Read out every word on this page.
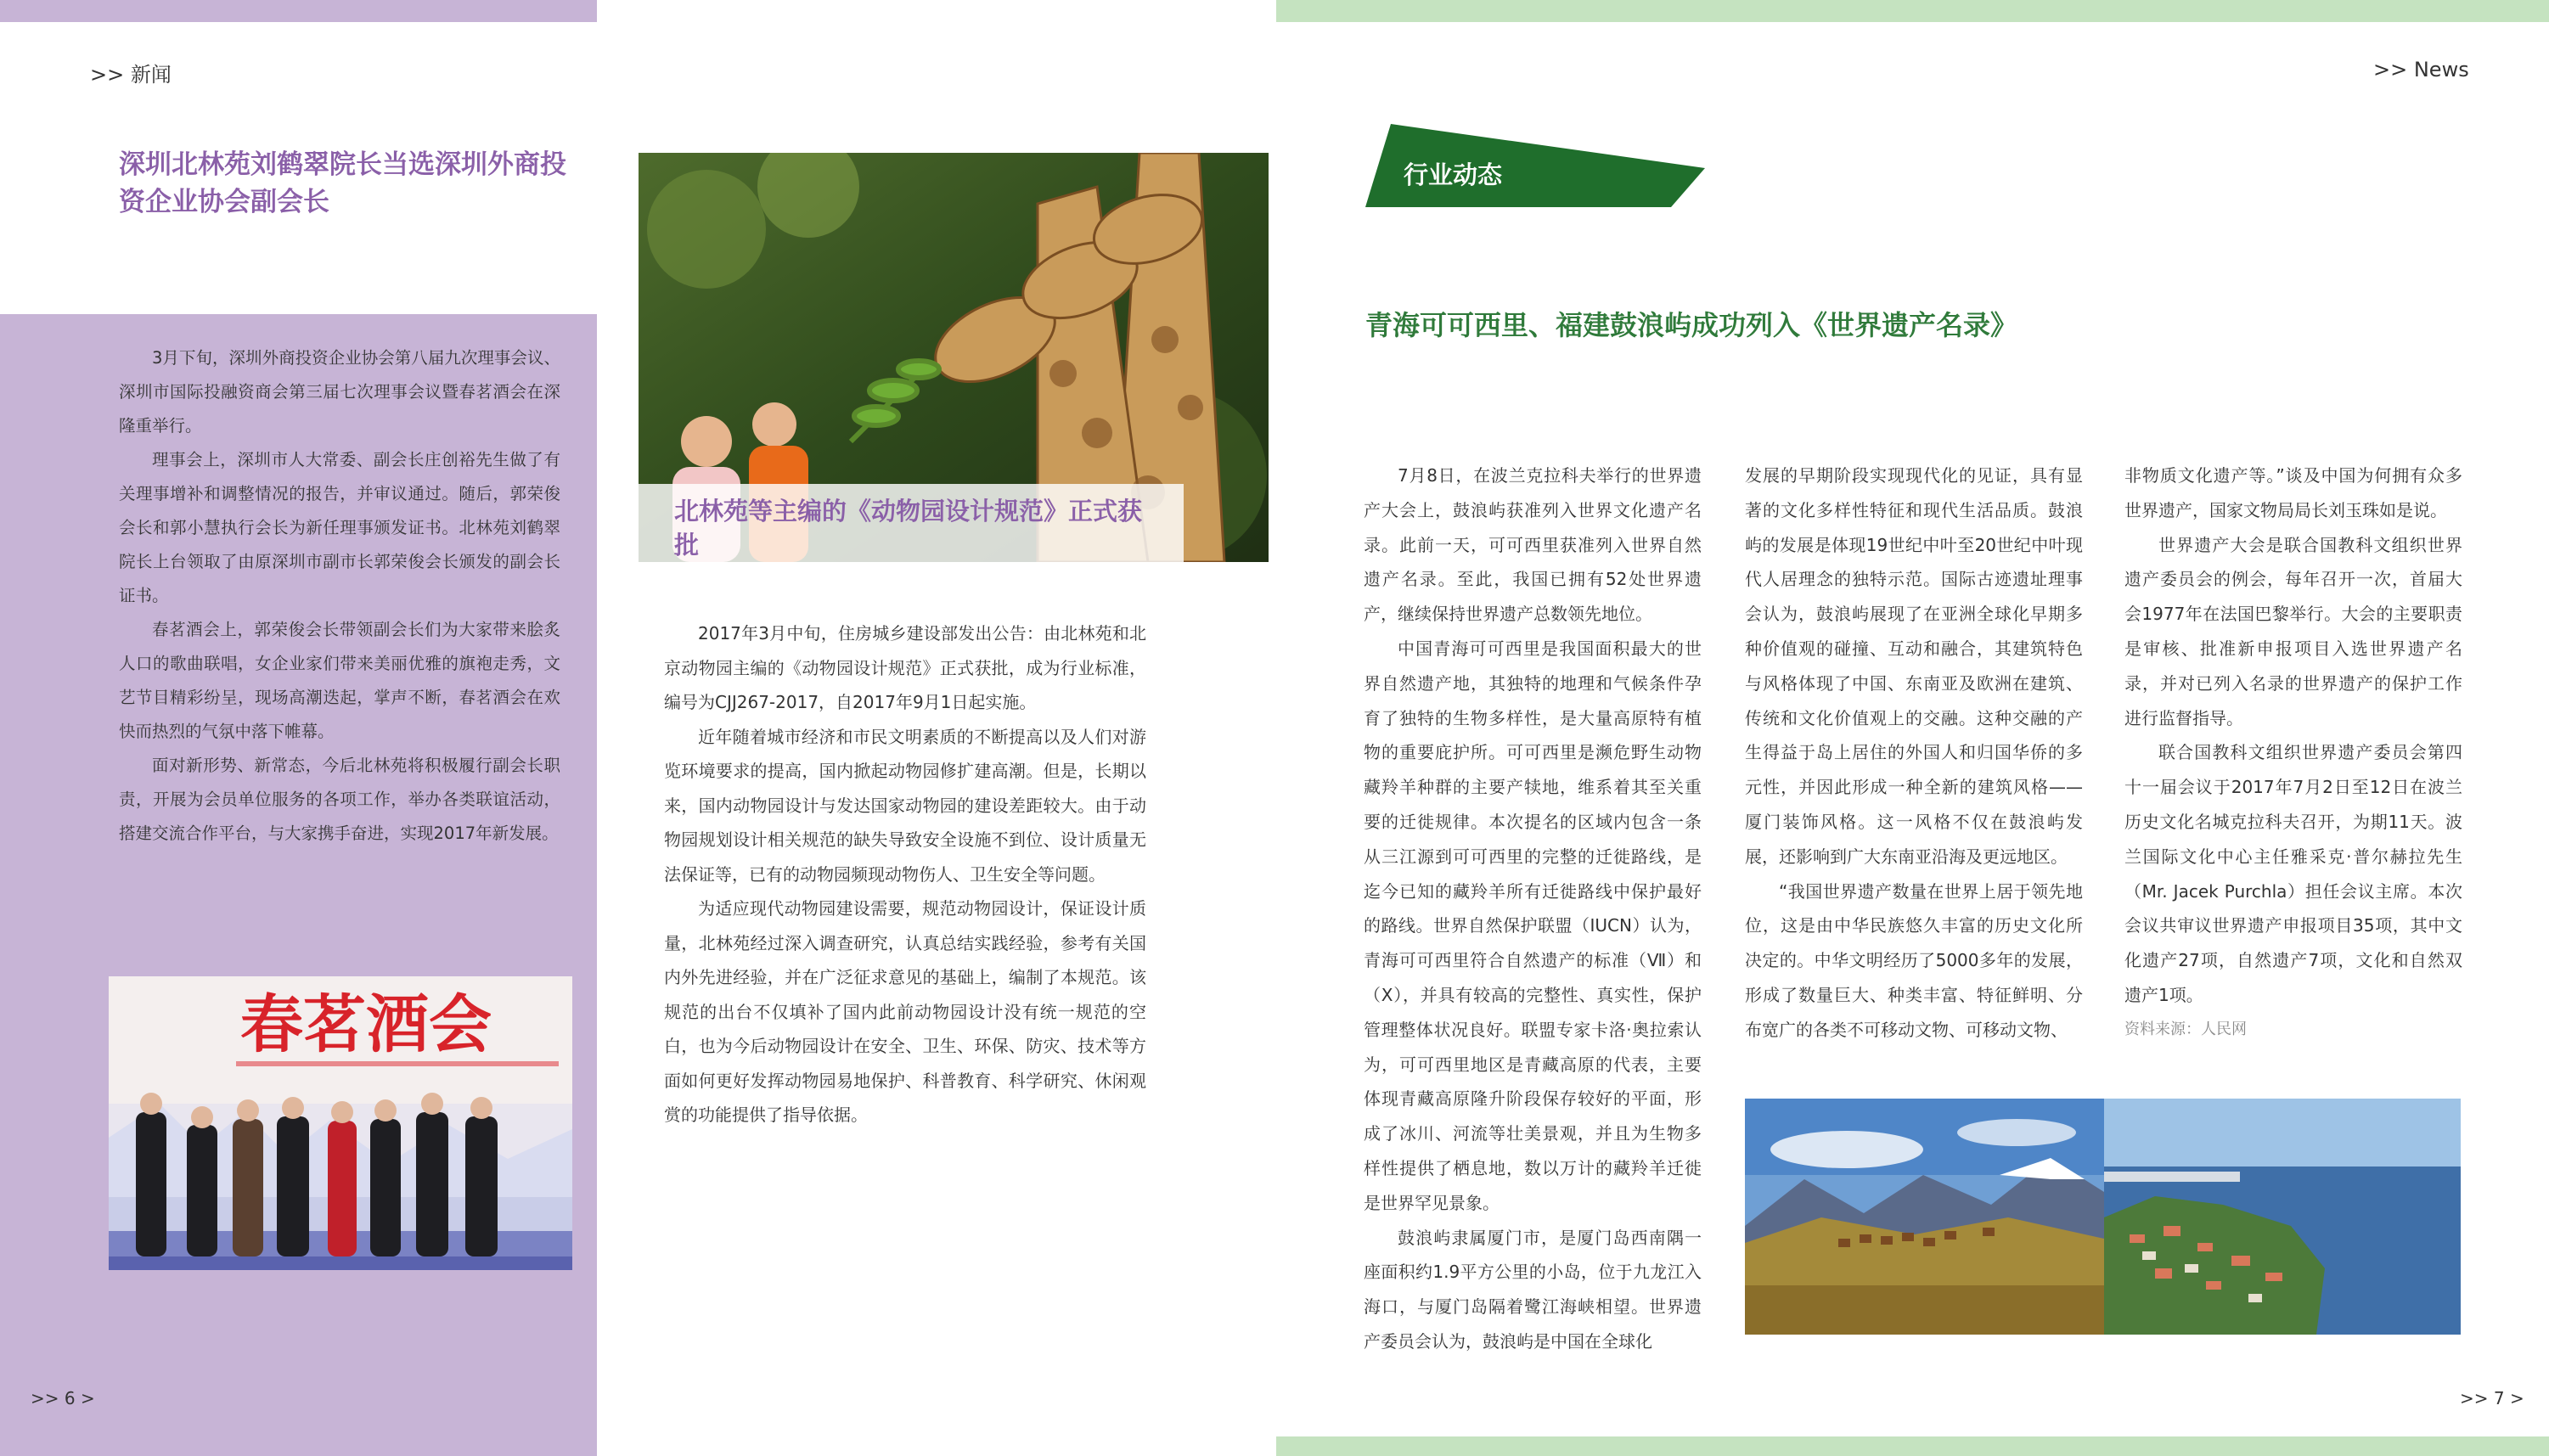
>> 新闻
深圳北林苑刘鹤翠院长当选深圳外商投资企业协会副会长

3月下旬，深圳外商投资企业协会第八届九次理事会议、深圳市国际投融资商会第三届七次理事会议暨春茗酒会在深隆重举行。

理事会上，深圳市人大常委、副会长庄创裕先生做了有关理事增补和调整情况的报告，并审议通过。随后，郭荣俊会长和郭小慧执行会长为新任理事颁发证书。北林苑刘鹤翠院长上台领取了由原深圳市副市长郭荣俊会长颁发的副会长证书。

春茗酒会上，郭荣俊会长带领副会长们为大家带来脍炙人口的歌曲联唱，女企业家们带来美丽优雅的旗袍走秀，文艺节目精彩纷呈，现场高潮迭起，掌声不断，春茗酒会在欢快而热烈的气氛中落下帷幕。

面对新形势、新常态，今后北林苑将积极履行副会长职责，开展为会员单位服务的各项工作，举办各类联谊活动，搭建交流合作平台，与大家携手奋进，实现2017年新发展。

春茗酒会
>> 6 >
北林苑等主编的《动物园设计规范》正式获批

2017年3月中旬，住房城乡建设部发出公告：由北林苑和北京动物园主编的《动物园设计规范》正式获批，成为行业标准，编号为CJJ267-2017，自2017年9月1日起实施。

近年随着城市经济和市民文明素质的不断提高以及人们对游览环境要求的提高，国内掀起动物园修扩建高潮。但是，长期以来，国内动物园设计与发达国家动物园的建设差距较大。由于动物园规划设计相关规范的缺失导致安全设施不到位、设计质量无法保证等，已有的动物园频现动物伤人、卫生安全等问题。

为适应现代动物园建设需要，规范动物园设计，保证设计质量，北林苑经过深入调查研究，认真总结实践经验，参考有关国内外先进经验，并在广泛征求意见的基础上，编制了本规范。该规范的出台不仅填补了国内此前动物园设计没有统一规范的空白，也为今后动物园设计在安全、卫生、环保、防灾、技术等方面如何更好发挥动物园易地保护、科普教育、科学研究、休闲观赏的功能提供了指导依据。

>> News
行业动态
青海可可西里、福建鼓浪屿成功列入《世界遗产名录》

7月8日，在波兰克拉科夫举行的世界遗产大会上，鼓浪屿获准列入世界文化遗产名录。此前一天，可可西里获准列入世界自然遗产名录。至此，我国已拥有52处世界遗产，继续保持世界遗产总数领先地位。

中国青海可可西里是我国面积最大的世界自然遗产地，其独特的地理和气候条件孕育了独特的生物多样性，是大量高原特有植物的重要庇护所。可可西里是濒危野生动物藏羚羊种群的主要产犊地，维系着其至关重要的迁徙规律。本次提名的区域内包含一条从三江源到可可西里的完整的迁徙路线，是迄今已知的藏羚羊所有迁徙路线中保护最好的路线。世界自然保护联盟（IUCN）认为，青海可可西里符合自然遗产的标准（Ⅶ）和（Ⅹ），并具有较高的完整性、真实性，保护管理整体状况良好。联盟专家卡洛·奥拉索认为，可可西里地区是青藏高原的代表，主要体现青藏高原隆升阶段保存较好的平面，形成了冰川、河流等壮美景观，并且为生物多样性提供了栖息地，数以万计的藏羚羊迁徙是世界罕见景象。

鼓浪屿隶属厦门市，是厦门岛西南隅一座面积约1.9平方公里的小岛，位于九龙江入海口，与厦门岛隔着鹭江海峡相望。世界遗产委员会认为，鼓浪屿是中国在全球化

发展的早期阶段实现现代化的见证，具有显著的文化多样性特征和现代生活品质。鼓浪屿的发展是体现19世纪中叶至20世纪中叶现代人居理念的独特示范。国际古迹遗址理事会认为，鼓浪屿展现了在亚洲全球化早期多种价值观的碰撞、互动和融合，其建筑特色与风格体现了中国、东南亚及欧洲在建筑、传统和文化价值观上的交融。这种交融的产生得益于岛上居住的外国人和归国华侨的多元性，并因此形成一种全新的建筑风格——厦门装饰风格。这一风格不仅在鼓浪屿发展，还影响到广大东南亚沿海及更远地区。

“我国世界遗产数量在世界上居于领先地位，这是由中华民族悠久丰富的历史文化所决定的。中华文明经历了5000多年的发展，形成了数量巨大、种类丰富、特征鲜明、分布宽广的各类不可移动文物、可移动文物、

非物质文化遗产等。”谈及中国为何拥有众多世界遗产，国家文物局局长刘玉珠如是说。

世界遗产大会是联合国教科文组织世界遗产委员会的例会，每年召开一次，首届大会1977年在法国巴黎举行。大会的主要职责是审核、批准新申报项目入选世界遗产名录，并对已列入名录的世界遗产的保护工作进行监督指导。

联合国教科文组织世界遗产委员会第四十一届会议于2017年7月2日至12日在波兰历史文化名城克拉科夫召开，为期11天。波兰国际文化中心主任雅采克·普尔赫拉先生（Mr. Jacek Purchla）担任会议主席。本次会议共审议世界遗产申报项目35项，其中文化遗产27项，自然遗产7项，文化和自然双遗产1项。

资料来源：人民网

>> 7 >
